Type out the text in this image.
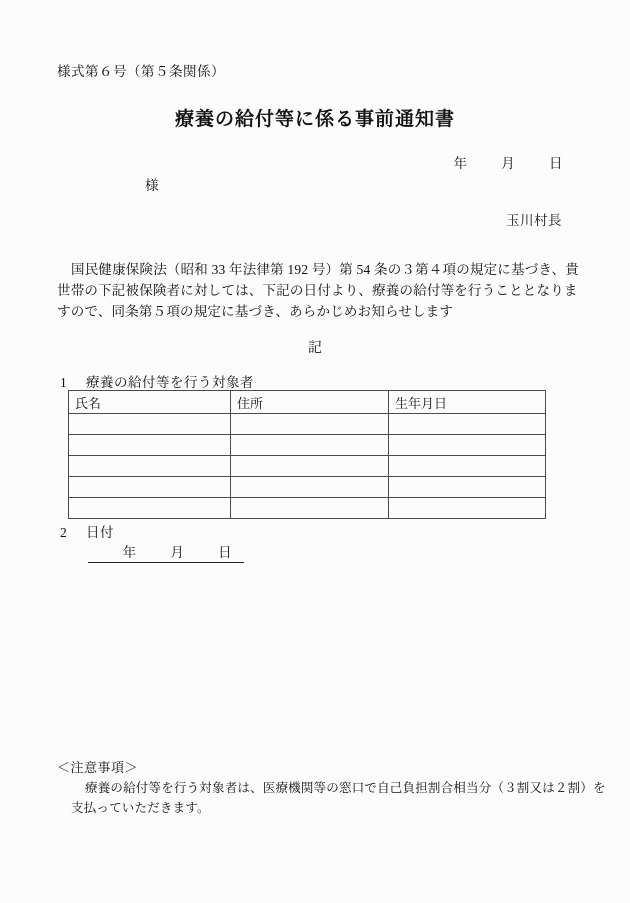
様式第６号（第５条関係）
療養の給付等に係る事前通知書
年	月	日
様
玉川村長
国民健康保険法（昭和 33 年法律第 192 号）第 54 条の３第４項の規定に基づき、貴
世帯の下記被保険者に対しては、下記の日付より、療養の給付等を行うこととなりま
すので、同条第５項の規定に基づき、あらかじめお知らせします
記
1 療養の給付等を行う対象者
氏名	住所	生年月日

2 日付
年	月	日
＜注意事項＞
療養の給付等を行う対象者は、医療機関等の窓口で自己負担割合相当分（３割又は２割）を
支払っていただきます。
